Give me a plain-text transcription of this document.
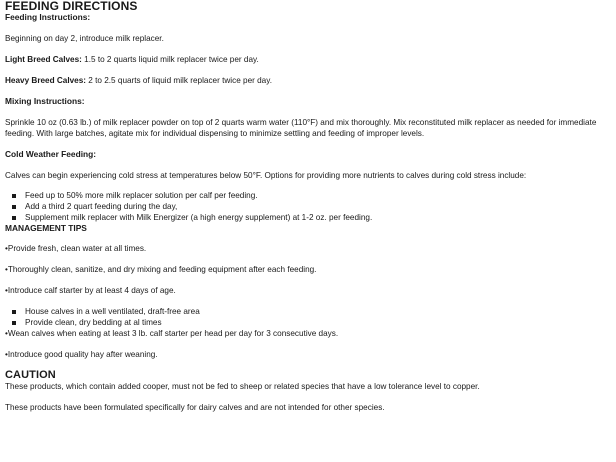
FEEDING DIRECTIONS
Feeding Instructions:

Beginning on day 2, introduce milk replacer.

Light Breed Calves: 1.5 to 2 quarts liquid milk replacer twice per day.

Heavy Breed Calves: 2 to 2.5 quarts of liquid milk replacer twice per day.

Mixing Instructions:

Sprinkle 10 oz (0.63 lb.) of milk replacer powder on top of 2 quarts warm water (110°F) and mix thoroughly. Mix reconstituted milk replacer as needed for immediate feeding. With large batches, agitate mix for individual dispensing to minimize settling and feeding of improper levels.

Cold Weather Feeding:

Calves can begin experiencing cold stress at temperatures below 50°F. Options for providing more nutrients to calves during cold stress include:

Feed up to 50% more milk replacer solution per calf per feeding.
Add a third 2 quart feeding during the day,
Supplement milk replacer with Milk Energizer (a high energy supplement) at 1-2 oz. per feeding.
MANAGEMENT TIPS

•Provide fresh, clean water at all times.

•Thoroughly clean, sanitize, and dry mixing and feeding equipment after each feeding.

•Introduce calf starter by at least 4 days of age.

House calves in a well ventilated, draft-free area
Provide clean, dry bedding at al times

•Wean calves when eating at least 3 lb. calf starter per head per day for 3 consecutive days.

•Introduce good quality hay after weaning.

CAUTION

These products, which contain added cooper, must not be fed to sheep or related species that have a low tolerance level to copper.

These products have been formulated specifically for dairy calves and are not intended for other species.
